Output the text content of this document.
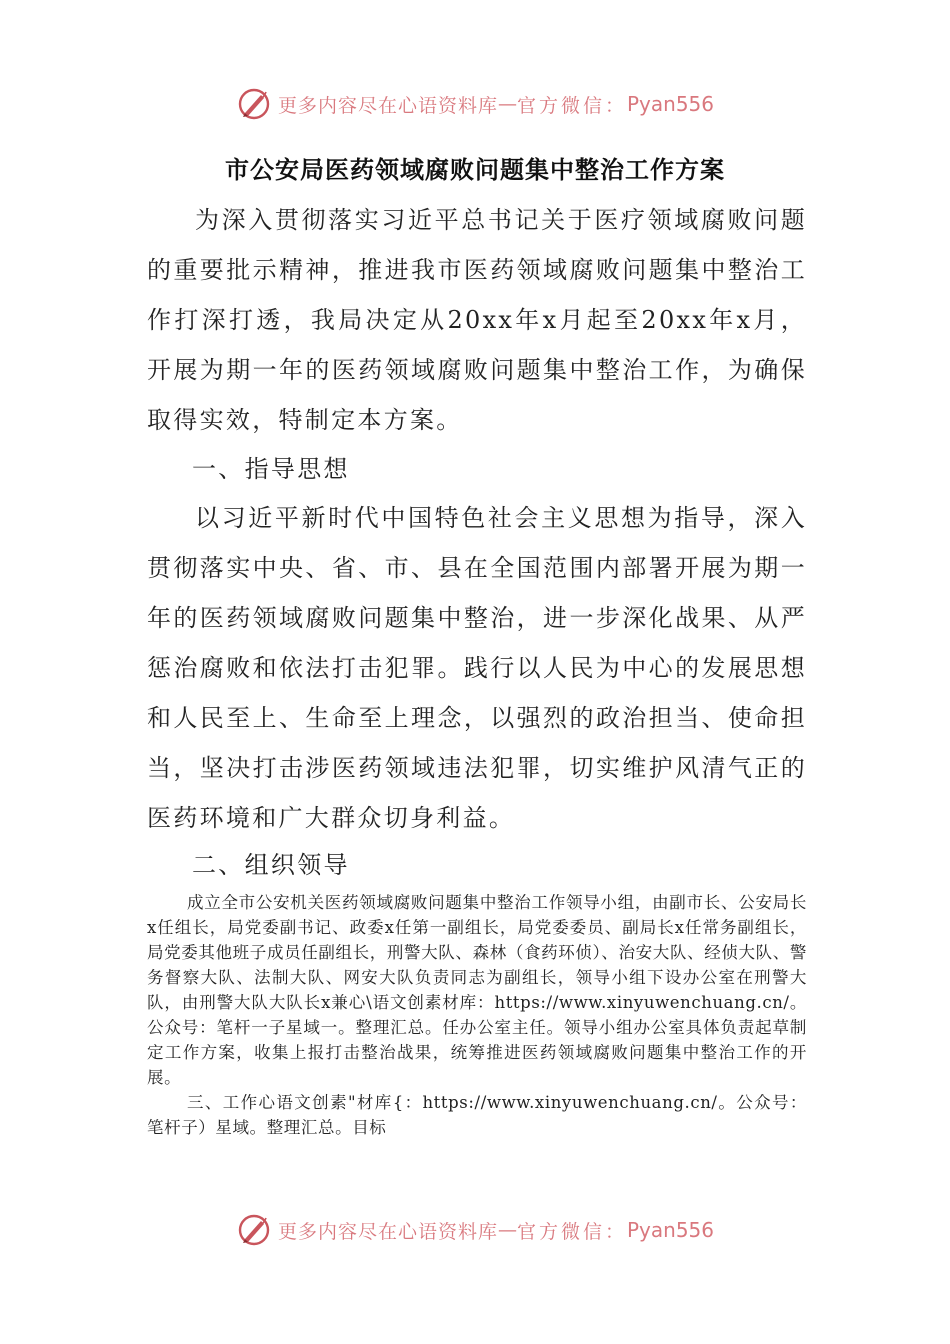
更多内容尽在心语资料库 — 官方微信： Pyan556
市公安局医药领域腐败问题集中整治工作方案

为深入贯彻落实习近平总书记关于医疗领域腐败问题的重要批示精神，推进我市医药领域腐败问题集中整治工作打深打透，我局决定从20xx年x月起至20xx年x月，开展为期一年的医药领域腐败问题集中整治工作，为确保取得实效，特制定本方案。

一、指导思想

以习近平新时代中国特色社会主义思想为指导，深入贯彻落实中央、省、市、县在全国范围内部署开展为期一年的医药领域腐败问题集中整治，进一步深化战果、从严惩治腐败和依法打击犯罪。践行以人民为中心的发展思想和人民至上、生命至上理念，以强烈的政治担当、使命担当，坚决打击涉医药领域违法犯罪，切实维护风清气正的医药环境和广大群众切身利益。

二、组织领导

成立全市公安机关医药领域腐败问题集中整治工作领导小组，由副市长、公安局长x任组长，局党委副书记、政委x任第一副组长，局党委委员、副局长x任常务副组长，局党委其他班子成员任副组长，刑警大队、森林（食药环侦）、治安大队、经侦大队、警务督察大队、法制大队、网安大队负责同志为副组长，领导小组下设办公室在刑警大队，由刑警大队大队长x兼心\语文创素材库：https://www.xinyuwenchuang.cn/。公众号：笔杆一子星域一。整理汇总。任办公室主任。领导小组办公室具体负责起草制定工作方案，收集上报打击整治战果，统筹推进医药领域腐败问题集中整治工作的开展。

三、工作心语文创素"材库{：https://www.xinyuwenchuang.cn/。公众号：笔杆子）星域。整理汇总。目标

更多内容尽在心语资料库 — 官方微信： Pyan556
